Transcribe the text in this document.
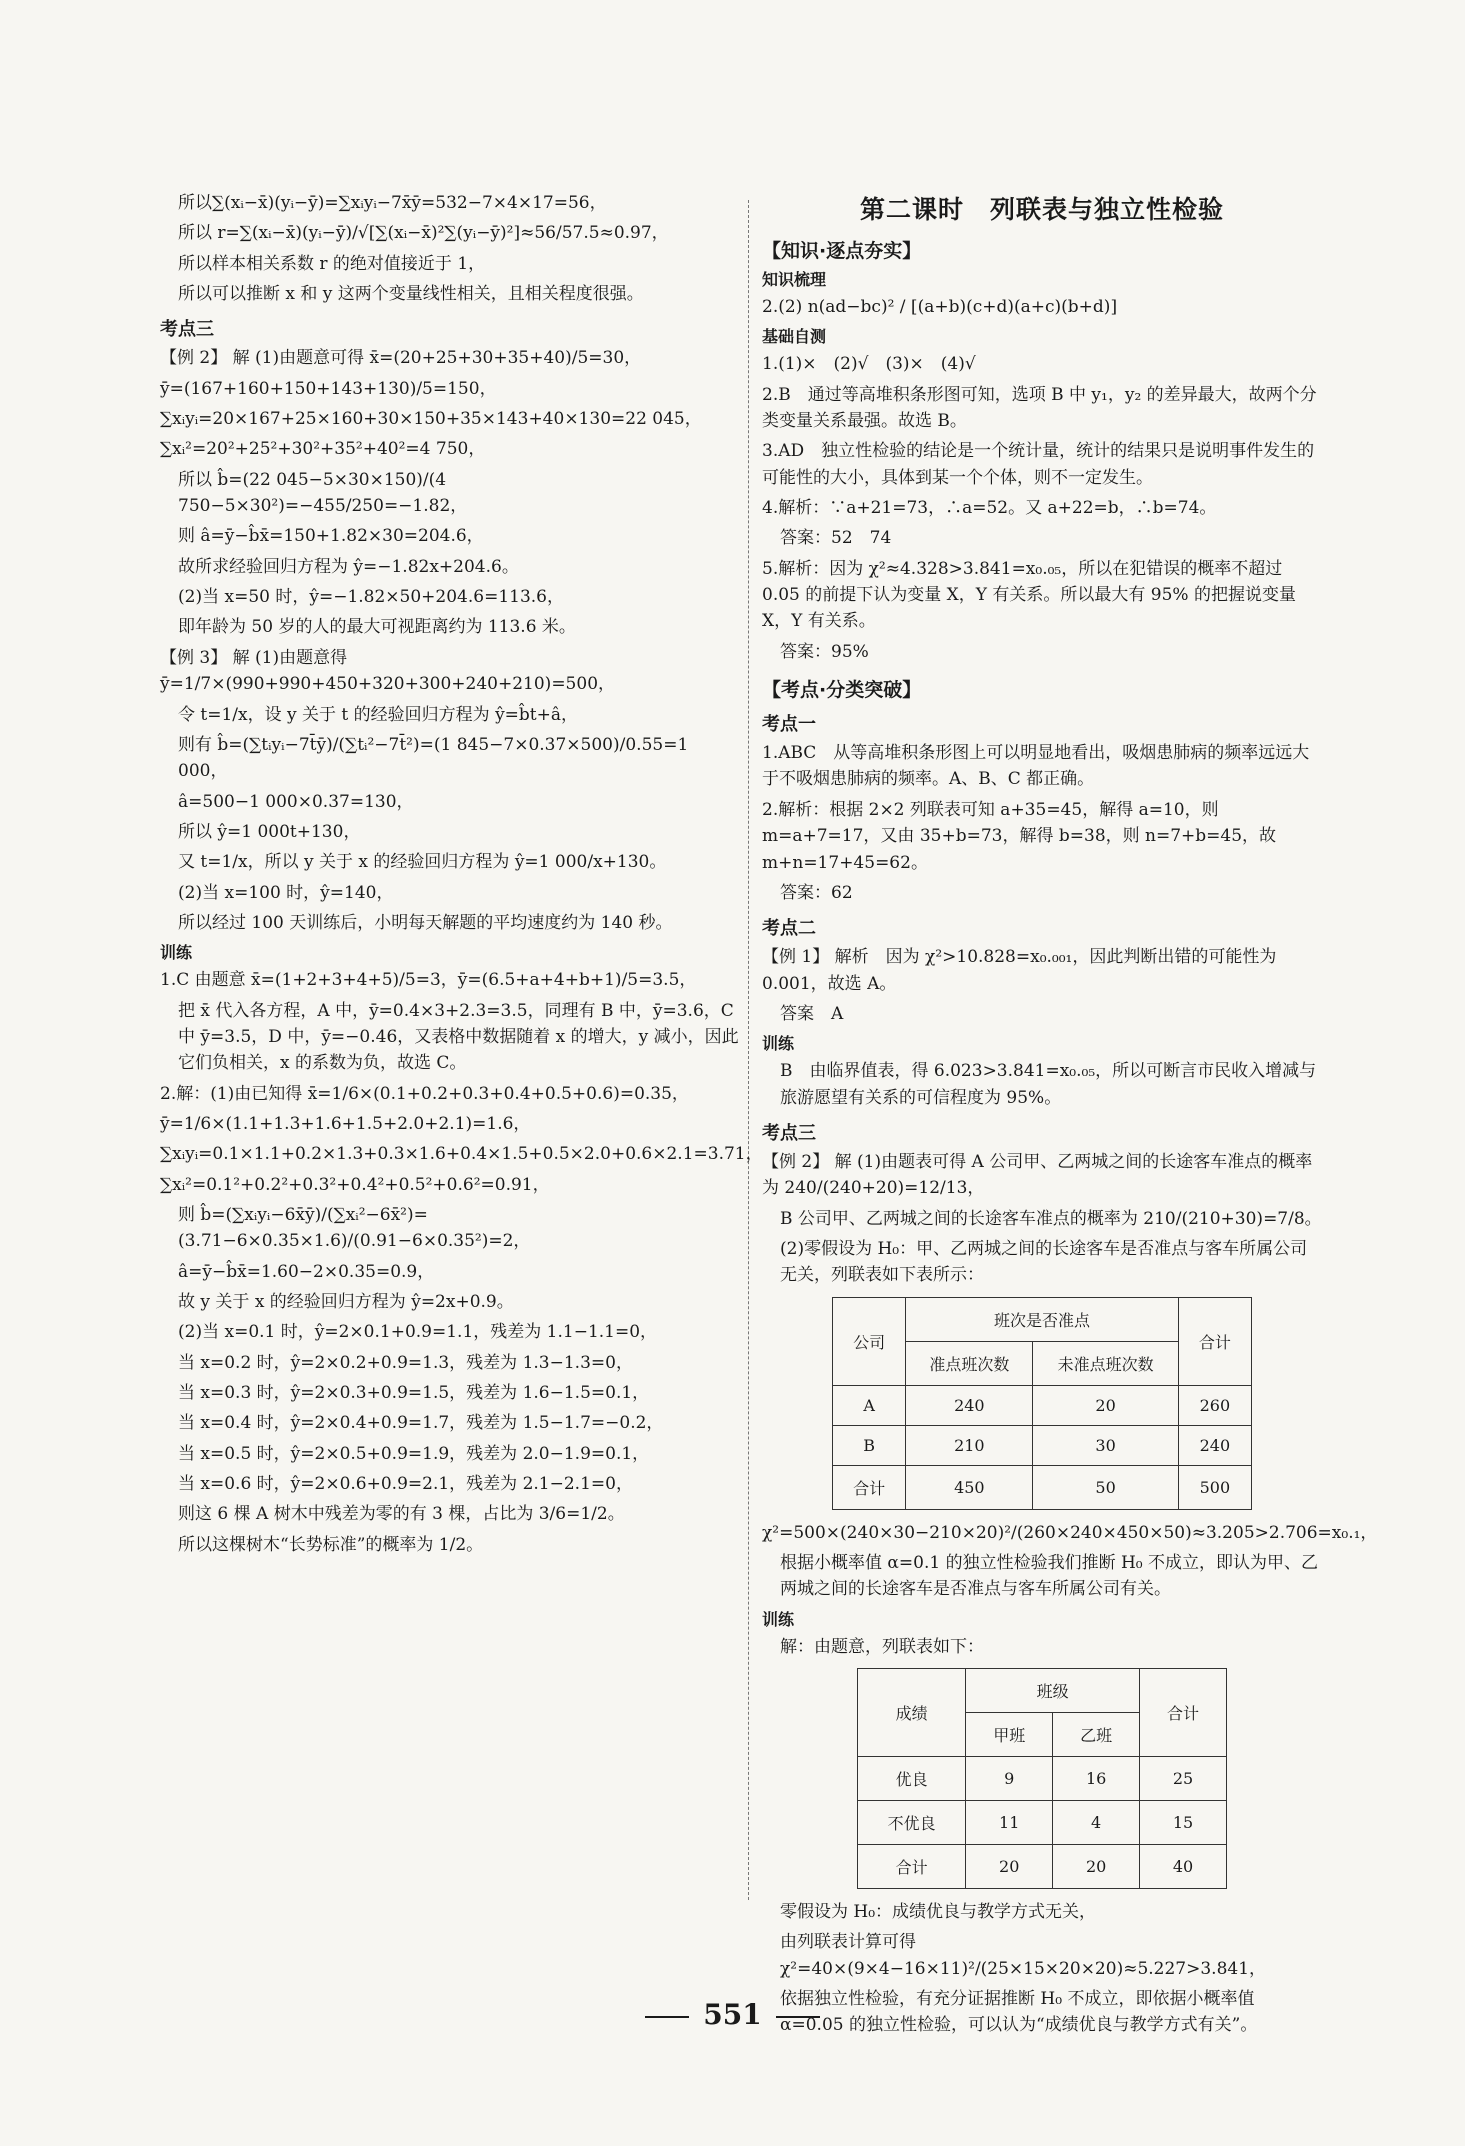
所以∑(xᵢ−x̄)(yᵢ−ȳ)=∑xᵢyᵢ−7x̄ȳ=532−7×4×17=56，
所以 r=∑(xᵢ−x̄)(yᵢ−ȳ)/√[∑(xᵢ−x̄)²∑(yᵢ−ȳ)²]≈56/57.5≈0.97，
所以样本相关系数 r 的绝对值接近于 1，
所以可以推断 x 和 y 这两个变量线性相关，且相关程度很强。
考点三
【例 2】 解 (1)由题意可得 x̄=(20+25+30+35+40)/5=30，
ȳ=(167+160+150+143+130)/5=150，
∑xᵢyᵢ=20×167+25×160+30×150+35×143+40×130=22 045，
∑xᵢ²=20²+25²+30²+35²+40²=4 750，
所以 b̂=(22 045−5×30×150)/(4 750−5×30²)=−455/250=−1.82，
则 â=ȳ−b̂x̄=150+1.82×30=204.6，
故所求经验回归方程为 ŷ=−1.82x+204.6。
(2)当 x=50 时，ŷ=−1.82×50+204.6=113.6，
即年龄为 50 岁的人的最大可视距离约为 113.6 米。
【例 3】 解 (1)由题意得 ȳ=1/7×(990+990+450+320+300+240+210)=500，
令 t=1/x，设 y 关于 t 的经验回归方程为 ŷ=b̂t+â，
则有 b̂=(∑tᵢyᵢ−7t̄ȳ)/(∑tᵢ²−7t̄²)=(1 845−7×0.37×500)/0.55=1 000，
â=500−1 000×0.37=130，
所以 ŷ=1 000t+130，
又 t=1/x，所以 y 关于 x 的经验回归方程为 ŷ=1 000/x+130。
(2)当 x=100 时，ŷ=140，
所以经过 100 天训练后，小明每天解题的平均速度约为 140 秒。
训练
1.C 由题意 x̄=(1+2+3+4+5)/5=3，ȳ=(6.5+a+4+b+1)/5=3.5，
把 x̄ 代入各方程，A 中，ȳ=0.4×3+2.3=3.5，同理有 B 中，ȳ=3.6，C 中 ȳ=3.5，D 中，ȳ=−0.46，又表格中数据随着 x 的增大，y 减小，因此它们负相关，x 的系数为负，故选 C。
2.解：(1)由已知得 x̄=1/6×(0.1+0.2+0.3+0.4+0.5+0.6)=0.35，
ȳ=1/6×(1.1+1.3+1.6+1.5+2.0+2.1)=1.6，
∑xᵢyᵢ=0.1×1.1+0.2×1.3+0.3×1.6+0.4×1.5+0.5×2.0+0.6×2.1=3.71，
∑xᵢ²=0.1²+0.2²+0.3²+0.4²+0.5²+0.6²=0.91，
则 b̂=(∑xᵢyᵢ−6x̄ȳ)/(∑xᵢ²−6x̄²)=(3.71−6×0.35×1.6)/(0.91−6×0.35²)=2，
â=ȳ−b̂x̄=1.60−2×0.35=0.9，
故 y 关于 x 的经验回归方程为 ŷ=2x+0.9。
(2)当 x=0.1 时，ŷ=2×0.1+0.9=1.1，残差为 1.1−1.1=0，
当 x=0.2 时，ŷ=2×0.2+0.9=1.3，残差为 1.3−1.3=0，
当 x=0.3 时，ŷ=2×0.3+0.9=1.5，残差为 1.6−1.5=0.1，
当 x=0.4 时，ŷ=2×0.4+0.9=1.7，残差为 1.5−1.7=−0.2，
当 x=0.5 时，ŷ=2×0.5+0.9=1.9，残差为 2.0−1.9=0.1，
当 x=0.6 时，ŷ=2×0.6+0.9=2.1，残差为 2.1−2.1=0，
则这 6 棵 A 树木中残差为零的有 3 棵，占比为 3/6=1/2。
所以这棵树木“长势标准”的概率为 1/2。
第二课时　列联表与独立性检验
【知识·逐点夯实】
知识梳理
2.(2) n(ad−bc)² / [(a+b)(c+d)(a+c)(b+d)]
基础自测
1.(1)×　(2)√　(3)×　(4)√
2.B　通过等高堆积条形图可知，选项 B 中 y₁，y₂ 的差异最大，故两个分类变量关系最强。故选 B。
3.AD　独立性检验的结论是一个统计量，统计的结果只是说明事件发生的可能性的大小，具体到某一个个体，则不一定发生。
4.解析：∵a+21=73，∴a=52。又 a+22=b，∴b=74。
答案：52　74
5.解析：因为 χ²≈4.328>3.841=x₀.₀₅，所以在犯错误的概率不超过 0.05 的前提下认为变量 X，Y 有关系。所以最大有 95% 的把握说变量 X，Y 有关系。
答案：95%
【考点·分类突破】
考点一
1.ABC　从等高堆积条形图上可以明显地看出，吸烟患肺病的频率远远大于不吸烟患肺病的频率。A、B、C 都正确。
2.解析：根据 2×2 列联表可知 a+35=45，解得 a=10，则 m=a+7=17，又由 35+b=73，解得 b=38，则 n=7+b=45，故 m+n=17+45=62。
答案：62
考点二
【例 1】 解析　因为 χ²>10.828=x₀.₀₀₁，因此判断出错的可能性为 0.001，故选 A。
答案　A
训练
B　由临界值表，得 6.023>3.841=x₀.₀₅，所以可断言市民收入增减与旅游愿望有关系的可信程度为 95%。
考点三
【例 2】 解 (1)由题表可得 A 公司甲、乙两城之间的长途客车准点的概率为 240/(240+20)=12/13，
B 公司甲、乙两城之间的长途客车准点的概率为 210/(210+30)=7/8。
(2)零假设为 H₀：甲、乙两城之间的长途客车是否准点与客车所属公司无关，列联表如下表所示：
公司	班次是否准点		合计
	准点班次数	未准点班次数	
A	240	20	260
B	210	30	240
合计	450	50	500
χ²=500×(240×30−210×20)²/(260×240×450×50)≈3.205>2.706=x₀.₁，
根据小概率值 α=0.1 的独立性检验我们推断 H₀ 不成立，即认为甲、乙两城之间的长途客车是否准点与客车所属公司有关。
训练
解：由题意，列联表如下：
成绩	班级		合计
	甲班	乙班	
优良	9	16	25
不优良	11	4	15
合计	20	20	40
零假设为 H₀：成绩优良与教学方式无关，
由列联表计算可得 χ²=40×(9×4−16×11)²/(25×15×20×20)≈5.227>3.841，
依据独立性检验，有充分证据推断 H₀ 不成立，即依据小概率值 α=0.05 的独立性检验，可以认为“成绩优良与教学方式有关”。
551
